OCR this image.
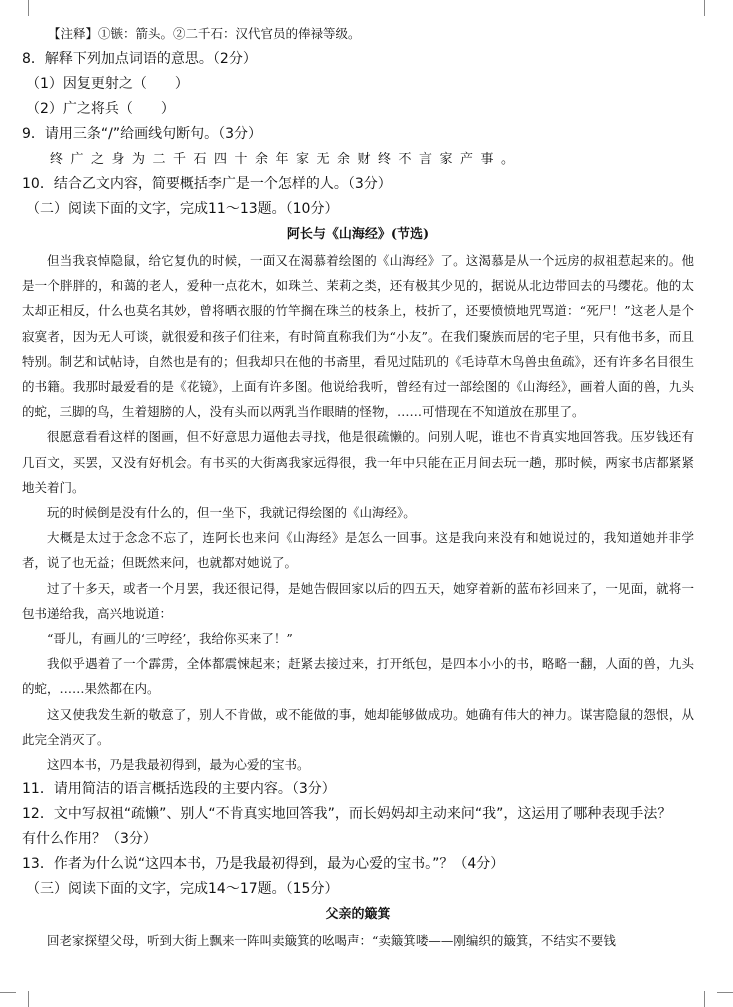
【注释】①镞：箭头。②二千石：汉代官员的俸禄等级。
8．解释下列加点词语的意思。（2分）
（1）因复更射之（　　）
（2）广之将兵（　　）
9．请用三条“/”给画线句断句。（3分）
终广之身为二千石四十余年家无余财终不言家产事。
10．结合乙文内容，简要概括李广是一个怎样的人。（3分）
（二）阅读下面的文字，完成11～13题。（10分）
阿长与《山海经》(节选)

但当我哀悼隐鼠，给它复仇的时候，一面又在渴慕着绘图的《山海经》了。这渴慕是从一个远房的叔祖惹起来的。他是一个胖胖的，和蔼的老人，爱种一点花木，如珠兰、茉莉之类，还有极其少见的，据说从北边带回去的马缨花。他的太太却正相反，什么也莫名其妙，曾将晒衣服的竹竿搁在珠兰的枝条上，枝折了，还要愤愤地咒骂道：“死尸！”这老人是个寂寞者，因为无人可谈，就很爱和孩子们往来，有时简直称我们为“小友”。在我们聚族而居的宅子里，只有他书多，而且特别。制艺和试帖诗，自然也是有的；但我却只在他的书斋里，看见过陆玑的《毛诗草木鸟兽虫鱼疏》，还有许多名目很生的书籍。我那时最爱看的是《花镜》，上面有许多图。他说给我听，曾经有过一部绘图的《山海经》，画着人面的兽，九头的蛇，三脚的鸟，生着翅膀的人，没有头而以两乳当作眼睛的怪物，……可惜现在不知道放在那里了。

很愿意看看这样的图画，但不好意思力逼他去寻找，他是很疏懒的。问别人呢，谁也不肯真实地回答我。压岁钱还有几百文，买罢，又没有好机会。有书买的大街离我家远得很，我一年中只能在正月间去玩一趟，那时候，两家书店都紧紧地关着门。

玩的时候倒是没有什么的，但一坐下，我就记得绘图的《山海经》。

大概是太过于念念不忘了，连阿长也来问《山海经》是怎么一回事。这是我向来没有和她说过的，我知道她并非学者，说了也无益；但既然来问，也就都对她说了。

过了十多天，或者一个月罢，我还很记得，是她告假回家以后的四五天，她穿着新的蓝布衫回来了，一见面，就将一包书递给我，高兴地说道：

“哥儿，有画儿的‘三哼经’，我给你买来了！”

我似乎遇着了一个霹雳，全体都震悚起来；赶紧去接过来，打开纸包，是四本小小的书，略略一翻，人面的兽，九头的蛇，……果然都在内。

这又使我发生新的敬意了，别人不肯做，或不能做的事，她却能够做成功。她确有伟大的神力。谋害隐鼠的怨恨，从此完全消灭了。

这四本书，乃是我最初得到，最为心爱的宝书。

11．请用简洁的语言概括选段的主要内容。（3分）
12．文中写叔祖“疏懒”、别人“不肯真实地回答我”，而长妈妈却主动来问“我”，这运用了哪种表现手法？
有什么作用？（3分）
13．作者为什么说“这四本书，乃是我最初得到，最为心爱的宝书。”？（4分）
（三）阅读下面的文字，完成14～17题。（15分）
父亲的簸箕

回老家探望父母，听到大街上飘来一阵叫卖簸箕的吆喝声：“卖簸箕喽——刚编织的簸箕，不结实不要钱
